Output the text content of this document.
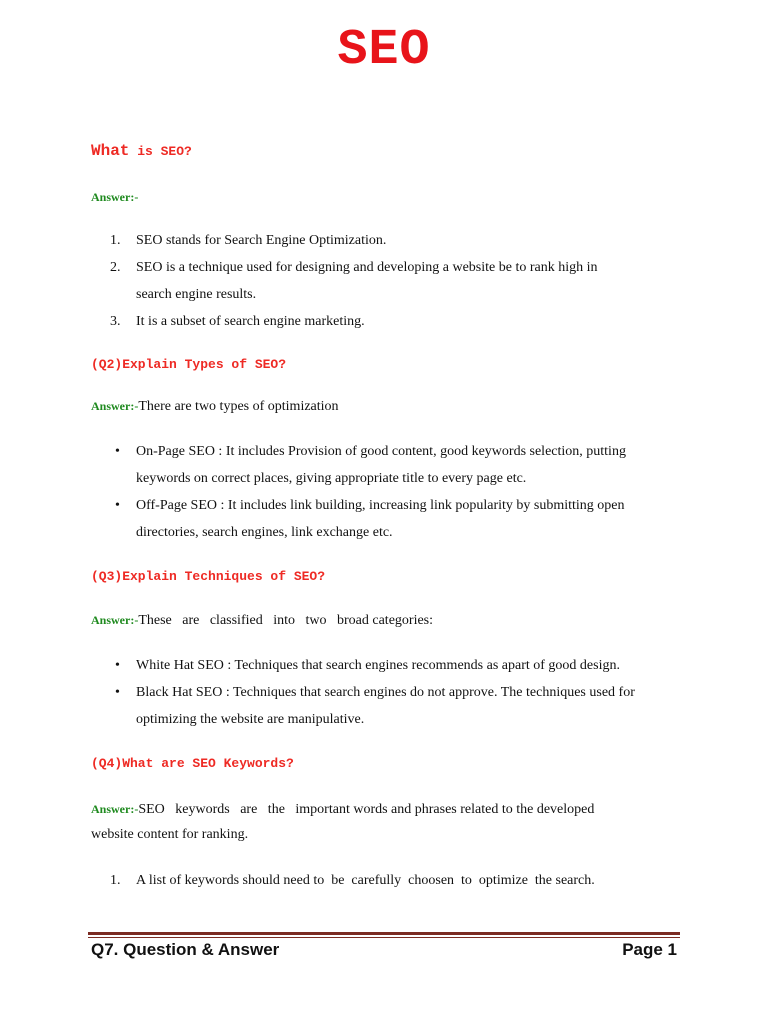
SEO
What is SEO?
Answer:-
1. SEO stands for Search Engine Optimization.
2. SEO is a technique used for designing and developing a website be to rank high in
search engine results.
3. It is a subset of search engine marketing.
(Q2)Explain Types of SEO?
Answer:-There are two types of optimization
• On-Page SEO : It includes Provision of good content, good keywords selection, putting
keywords on correct places, giving appropriate title to every page etc.
• Off-Page SEO : It includes link building, increasing link popularity by submitting open
directories, search engines, link exchange etc.
(Q3)Explain Techniques of SEO?
Answer:-These   are   classified   into   two   broad categories:
• White Hat SEO : Techniques that search engines recommends as apart of good design.
• Black Hat SEO : Techniques that search engines do not approve. The techniques used for
optimizing the website are manipulative.
(Q4)What are SEO Keywords?
Answer:-SEO   keywords   are   the   important words and phrases related to the developed
website content for ranking.
1. A list of keywords should need to  be  carefully  choosen  to  optimize  the search.
Q7. Question & Answer	Page 1
